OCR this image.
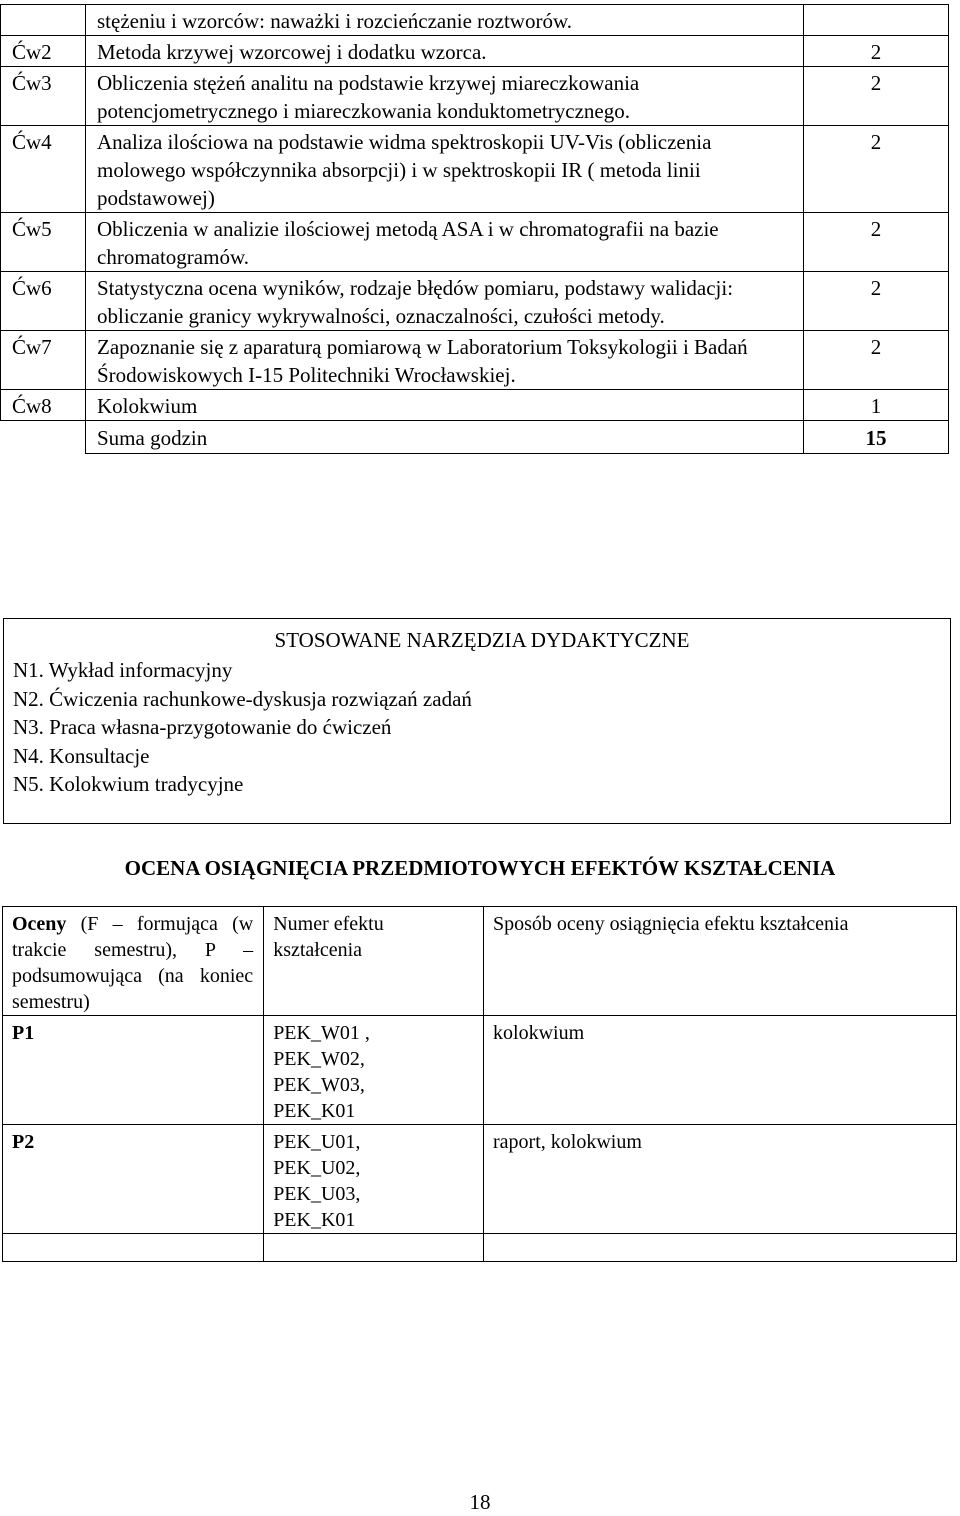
	stężeniu i wzorców: naważki i rozcieńczanie roztworów.	
Ćw2	Metoda krzywej wzorcowej i dodatku wzorca.	2
Ćw3	Obliczenia stężeń analitu na podstawie krzywej miareczkowania potencjometrycznego i miareczkowania konduktometrycznego.	2
Ćw4	Analiza ilościowa na podstawie widma spektroskopii UV-Vis (obliczenia molowego współczynnika absorpcji) i w spektroskopii IR ( metoda linii podstawowej)	2
Ćw5	Obliczenia w analizie ilościowej metodą ASA i w chromatografii na bazie chromatogramów.	2
Ćw6	Statystyczna ocena wyników, rodzaje błędów pomiaru, podstawy walidacji: obliczanie granicy wykrywalności, oznaczalności, czułości metody.	2
Ćw7	Zapoznanie się z aparaturą pomiarową w Laboratorium Toksykologii i Badań Środowiskowych I-15 Politechniki Wrocławskiej.	2
Ćw8	Kolokwium	1
	Suma godzin	15
STOSOWANE NARZĘDZIA DYDAKTYCZNE
N1. Wykład informacyjny
N2. Ćwiczenia rachunkowe-dyskusja rozwiązań zadań
N3. Praca własna-przygotowanie do ćwiczeń
N4. Konsultacje
N5. Kolokwium tradycyjne
OCENA OSIĄGNIĘCIA PRZEDMIOTOWYCH EFEKTÓW KSZTAŁCENIA
Oceny (F – formująca (w trakcie semestru), P – podsumowująca (na koniec semestru)	Numer efektu kształcenia	Sposób oceny osiągnięcia efektu kształcenia
P1	PEK_W01 ,
PEK_W02,
PEK_W03,
PEK_K01	kolokwium
P2	PEK_U01,
PEK_U02,
PEK_U03,
PEK_K01	raport, kolokwium

18
